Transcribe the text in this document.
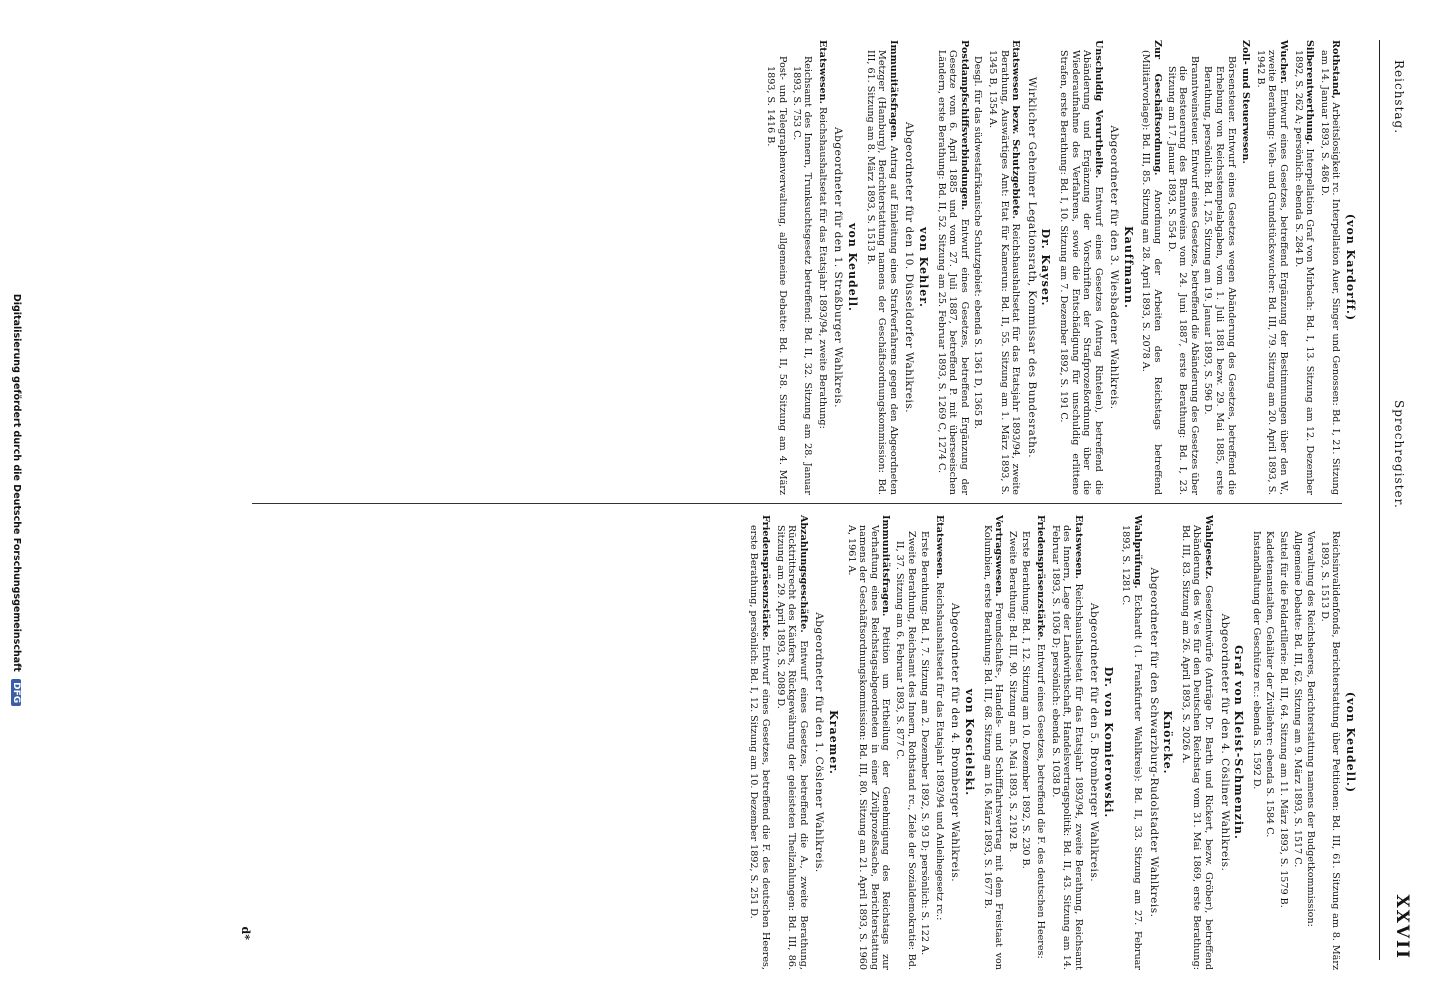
Reichstag.
Sprechregister.
XXVII
(von Kardorff.)
Rothstand, Arbeitslosigkeit rc. Interpellation Auer, Singer und Genossen: Bd. I, 21. Sitzung am 14. Januar 1893, S. 486 D.
Silberentwerthung. Interpellation Graf von Mirbach: Bd. I, 13. Sitzung am 12. Dezember 1892, S. 262 A; persönlich: ebenda S. 284 D.
Wucher. Entwurf eines Gesetzes, betreffend Ergänzung der Bestimmungen über den W., zweite Berathung: Vieh- und Grundstückswucher: Bd. III, 79. Sitzung am 20. April 1893, S. 1942 B.
Zoll- und Steuerwesen.
Börsensteuer. Entwurf eines Gesetzes wegen Abänderung des Gesetzes, betreffend die Erhebung von Reichsstempelabgaben, vom 1. Juli 1881 bezw. 29. Mai 1885, erste Berathung, persönlich: Bd. I, 25. Sitzung am 19. Januar 1893, S. 596 D.
Branntweinsteuer. Entwurf eines Gesetzes, betreffend die Abänderung des Gesetzes über die Besteuerung des Branntweins vom 24. Juni 1887, erste Berathung: Bd. I, 23. Sitzung am 17. Januar 1893, S. 554 D.
Zur Geschäftsordnung. Anordnung der Arbeiten des Reichstags betreffend (Militärvorlage): Bd. III, 85. Sitzung am 28. April 1893, S. 2078 A.
Kauffmann.
Abgeordneter für den 3. Wiesbadener Wahlkreis.
Unschuldig Verurtheilte. Entwurf eines Gesetzes (Antrag Rintelen), betreffend die Abänderung und Ergänzung der Vorschriften der Strafprozeßordnung über die Wiederaufnahme des Verfahrens, sowie die Entschädigung für unschuldig erlittene Strafen, erste Berathung: Bd. I, 10. Sitzung am 7. Dezember 1892, S. 191 C.
Dr. Kayser.
Wirklicher Geheimer Legationsrath, Kommissar des Bundesraths.
Etatswesen bezw. Schutzgebiete. Reichshaushaltsetat für das Etatsjahr 1893/94, zweite Berathung, Auswärtiges Amt: Etat für Kamerun: Bd. II, 55. Sitzung am 1. März 1893, S. 1345 B, 1354 A.
Desgl. für das südwestafrikanische Schutzgebiet: ebenda S. 1361 D, 1365 B.
Postdampfschiffsverbindungen. Entwurf eines Gesetzes, betreffend Ergänzung der Gesetze vom 6. April 1885 und vom 27. Juli 1887, betreffend P. mit überseeischen Ländern, erste Berathung: Bd. II, 52. Sitzung am 25. Februar 1893, S. 1269 C, 1274 C.
von Kehler.
Abgeordneter für den 10. Düsseldorfer Wahlkreis.
Immunitätsfragen. Antrag auf Einleitung eines Strafverfahrens gegen den Abgeordneten Metzger (Hamburg), Berichterstattung namens der Geschäftsordnungskommission: Bd. III, 61. Sitzung am 8. März 1893, S. 1513 B.
von Keudell.
Abgeordneter für den 1. Straßburger Wahlkreis.
Etatswesen. Reichshaushaltsetat für das Etatsjahr 1893/94, zweite Berathung:
Reichsamt des Innern, Trunksuchtsgesetz betreffend: Bd. II, 32. Sitzung am 28. Januar 1893, S. 753 C.
Post- und Telegraphenverwaltung, allgemeine Debatte: Bd. II, 58. Sitzung am 4. März 1893, S. 1416 B.
(von Keudell.)
Reichsinvalidenfonds, Berichterstattung über Petitionen: Bd. III, 61. Sitzung am 8. März 1893, S. 1513 D.
Verwaltung des Reichsheeres, Berichterstattung namens der Budgetkommission:
Allgemeine Debatte: Bd. III, 62. Sitzung am 9. März 1893, S. 1517 C.
Sattel für die Feldartillerie: Bd. III, 64. Sitzung am 11. März 1893, S. 1579 B.
Kadettenanstalten, Gehälter der Zivillehrer: ebenda S. 1584 C.
Instandhaltung der Geschütze rc.: ebenda S. 1592 D.
Graf von Kleist-Schmenzin.
Abgeordneter für den 4. Cösliner Wahlkreis.
Wahlgesetz. Gesetzentwürfe (Anträge Dr. Barth und Rickert, bezw. Gröber), betreffend Abänderung des W.'es für den Deutschen Reichstag vom 31. Mai 1869, erste Berathung: Bd. III, 83. Sitzung am 26. April 1893, S. 2026 A.
Knörcke.
Abgeordneter für den Schwarzburg-Rudolstadter Wahlkreis.
Wahlprüfung. Eckhardt (1. Frankfurter Wahlkreis): Bd. II, 33. Sitzung am 27. Februar 1893, S. 1281 C.
Dr. von Komierowski.
Abgeordneter für den 5. Bromberger Wahlkreis.
Etatswesen. Reichshaushaltsetat für das Etatsjahr 1893/94, zweite Berathung, Reichsamt des Innern, Lage der Landwirthschaft, Handelsvertragspolitik: Bd. II, 43. Sitzung am 14. Februar 1893, S. 1036 D; persönlich: ebenda S. 1038 D.
Friedenspräsenzstärke. Entwurf eines Gesetzes, betreffend die F. des deutschen Heeres:
Erste Berathung: Bd. I, 12. Sitzung am 10. Dezember 1892, S. 230 B.
Zweite Berathung: Bd. III, 90. Sitzung am 5. Mai 1893, S. 2192 B.
Vertragswesen. Freundschafts-, Handels- und Schifffahrtsvertrag mit dem Freistaat von Kolumbien, erste Berathung: Bd. III, 68. Sitzung am 16. März 1893, S. 1677 B.
von Koscielski.
Abgeordneter für den 4. Bromberger Wahlkreis.
Etatswesen. Reichshaushaltsetat für das Etatsjahr 1893/94 und Anleihegesetz rc.:
Erste Berathung: Bd. I, 7. Sitzung am 2. Dezember 1892, S. 93 D; persönlich: S. 122 A.
Zweite Berathung, Reichsamt des Innern, Rothstand rc., Ziele der Sozialdemokratie: Bd. II, 37. Sitzung am 6. Februar 1893, S. 877 C.
Immunitätsfragen. Petition um Ertheilung der Genehmigung des Reichstags zur Verhaftung eines Reichstagsabgeordneten in einer Zivilprozeßsache, Berichterstattung namens der Geschäftsordnungskommission: Bd. III, 80. Sitzung am 21. April 1893, S. 1960 A, 1961 A.
Kraemer.
Abgeordneter für den 1. Cöslener Wahlkreis.
Abzahlungsgeschäfte. Entwurf eines Gesetzes, betreffend die A., zweite Berathung, Rücktrittsrecht des Käufers, Rückgewährung der geleisteten Theilzahlungen: Bd. III, 86. Sitzung am 29. April 1893, S. 2089 D.
Friedenspräsenzstärke. Entwurf eines Gesetzes, betreffend die F. des deutschen Heeres, erste Berathung, persönlich: Bd. I, 12. Sitzung am 10. Dezember 1892, S. 251 D.
d*
Digitalisierung gefördert durch die Deutsche Forschungsgemeinschaft DFG
